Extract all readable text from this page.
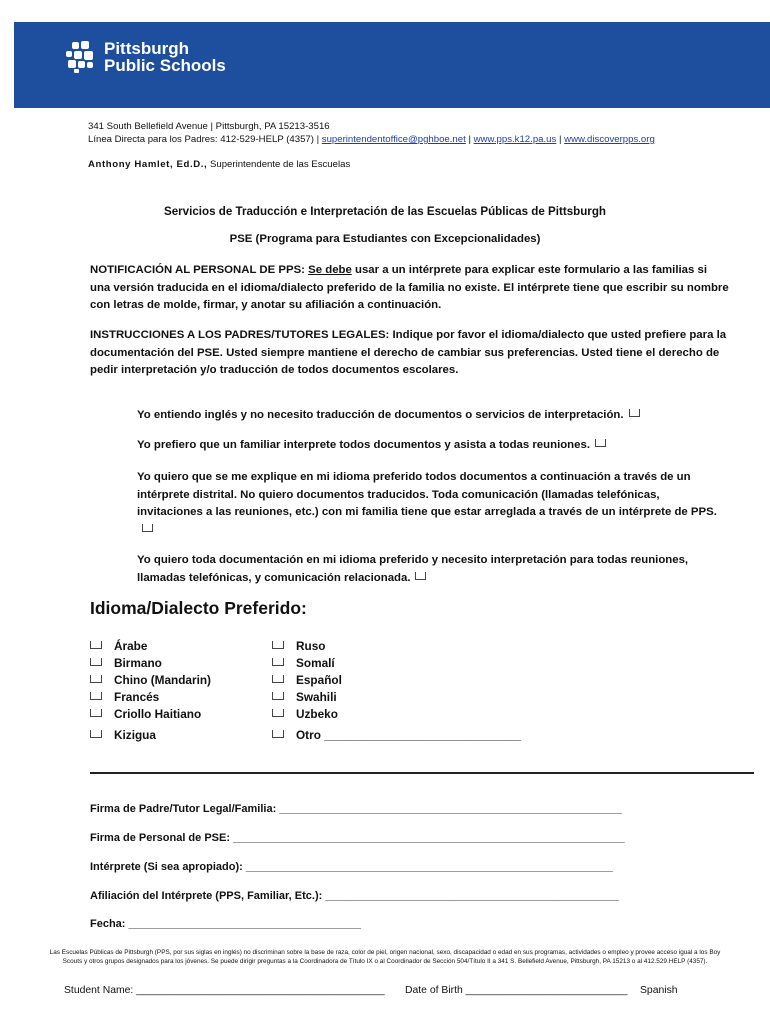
Pittsburgh
Public Schools
341 South Bellefield Avenue | Pittsburgh, PA 15213-3516
Línea Directa para los Padres: 412-529-HELP (4357) | superintendentoffice@pghboe.net | www.pps.k12.pa.us | www.discoverpps.org
Anthony Hamlet, Ed.D., Superintendente de las Escuelas
Servicios de Traducción e Interpretación de las Escuelas Públicas de Pittsburgh
PSE (Programa para Estudiantes con Excepcionalidades)
NOTIFICACIÓN AL PERSONAL DE PPS: Se debe usar a un intérprete para explicar este formulario a las familias si una versión traducida en el idioma/dialecto preferido de la familia no existe. El intérprete tiene que escribir su nombre con letras de molde, firmar, y anotar su afiliación a continuación.
INSTRUCCIONES A LOS PADRES/TUTORES LEGALES: Indique por favor el idioma/dialecto que usted prefiere para la documentación del PSE. Usted siempre mantiene el derecho de cambiar sus preferencias. Usted tiene el derecho de pedir interpretación y/o traducción de todos documentos escolares.
Yo entiendo inglés y no necesito traducción de documentos o servicios de interpretación.
Yo prefiero que un familiar interprete todos documentos y asista a todas reuniones.
Yo quiero que se me explique en mi idioma preferido todos documentos a continuación a través de un intérprete distrital. No quiero documentos traducidos. Toda comunicación (llamadas telefónicas, invitaciones a las reuniones, etc.) con mi familia tiene que estar arreglada a través de un intérprete de PPS.
Yo quiero toda documentación en mi idioma preferido y necesito interpretación para todas reuniones, llamadas telefónicas, y comunicación relacionada.
Idioma/Dialecto Preferido:
Árabe
Birmano
Chino (Mandarin)
Francés
Criollo Haitiano
Kizigua
Ruso
Somalí
Español
Swahili
Uzbeko
Otro ______________________________
Firma de Padre/Tutor Legal/Familia: ________________________________________________________
Firma de Personal de PSE: ________________________________________________________________
Intérprete (Si sea apropiado): ____________________________________________________________
Afiliación del Intérprete (PPS, Familiar, Etc.): ________________________________________________
Fecha: ______________________________________
Las Escuelas Públicas de Pittsburgh (PPS, por sus siglas en inglés) no discriminan sobre la base de raza, color de piel, origen nacional, sexo, discapacidad o edad en sus programas, actividades o empleo y provee acceso igual a los Boy Scouts y otros grupos designados para los jóvenes. Se puede dirigir preguntas a la Coordinadora de Título IX o al Coordinador de Sección 504/Título II a 341 S. Bellefield Avenue, Pittsburgh, PA 15213 o al 412.529.HELP (4357).
Student Name: ___________________________________________ Date of Birth ____________________________ Spanish
